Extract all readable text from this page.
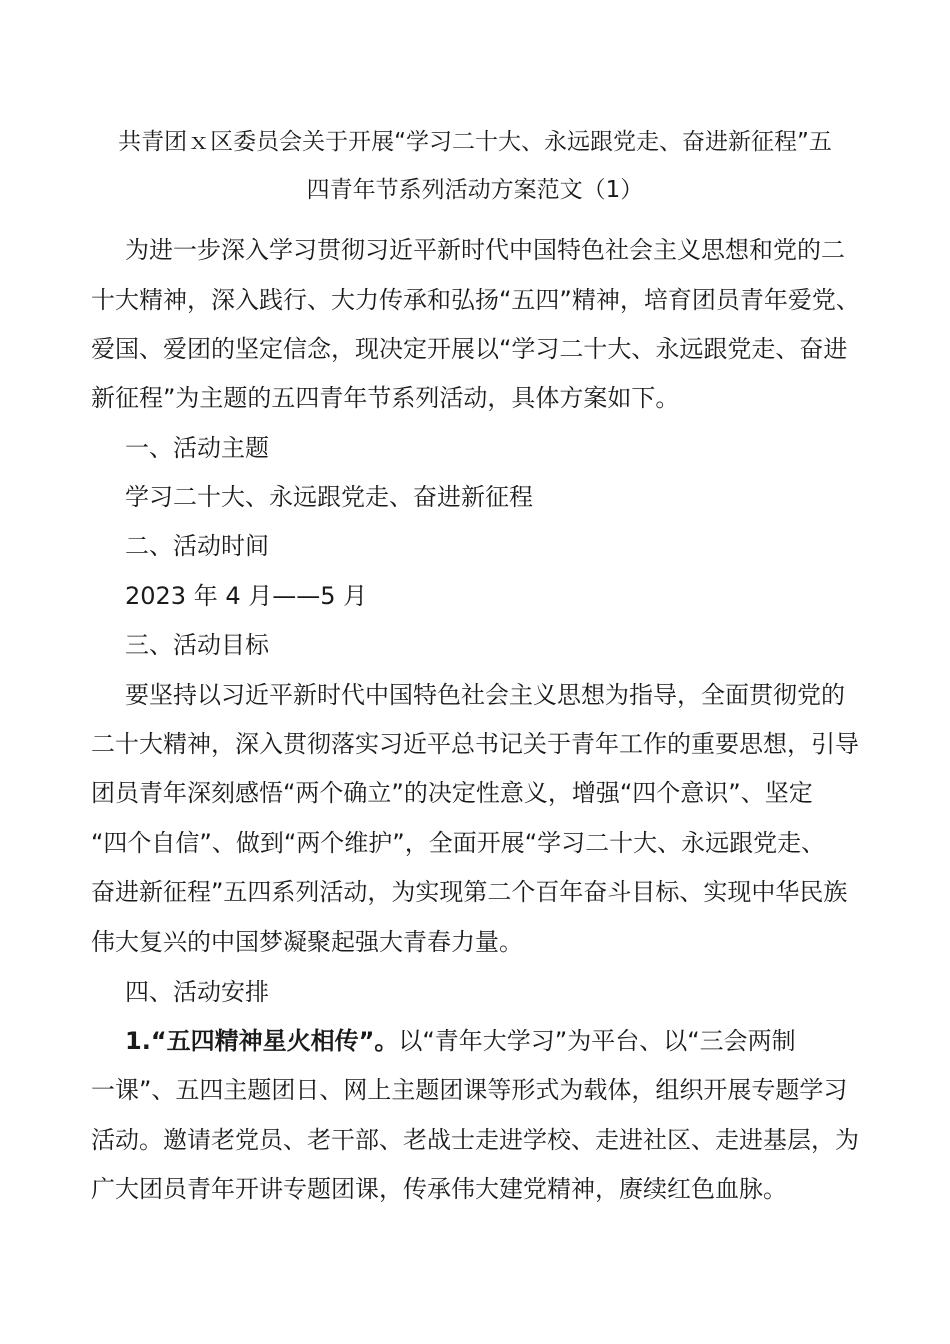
共青团ｘ区委员会关于开展“学习二十大、永远跟党走、奋进新征程”五
四青年节系列活动方案范文（1）

为进一步深入学习贯彻习近平新时代中国特色社会主义思想和党的二

十大精神，深入践行、大力传承和弘扬“五四”精神，培育团员青年爱党、

爱国、爱团的坚定信念，现决定开展以“学习二十大、永远跟党走、奋进

新征程”为主题的五四青年节系列活动，具体方案如下。

一、活动主题

学习二十大、永远跟党走、奋进新征程

二、活动时间

2023 年 4 月——5 月

三、活动目标

要坚持以习近平新时代中国特色社会主义思想为指导，全面贯彻党的

二十大精神，深入贯彻落实习近平总书记关于青年工作的重要思想，引导

团员青年深刻感悟“两个确立”的决定性意义，增强“四个意识”、坚定

“四个自信”、做到“两个维护”，全面开展“学习二十大、永远跟党走、

奋进新征程”五四系列活动，为实现第二个百年奋斗目标、实现中华民族

伟大复兴的中国梦凝聚起强大青春力量。

四、活动安排

1.“五四精神星火相传”。以“青年大学习”为平台、以“三会两制

一课”、五四主题团日、网上主题团课等形式为载体，组织开展专题学习

活动。邀请老党员、老干部、老战士走进学校、走进社区、走进基层，为

广大团员青年开讲专题团课，传承伟大建党精神，赓续红色血脉。
